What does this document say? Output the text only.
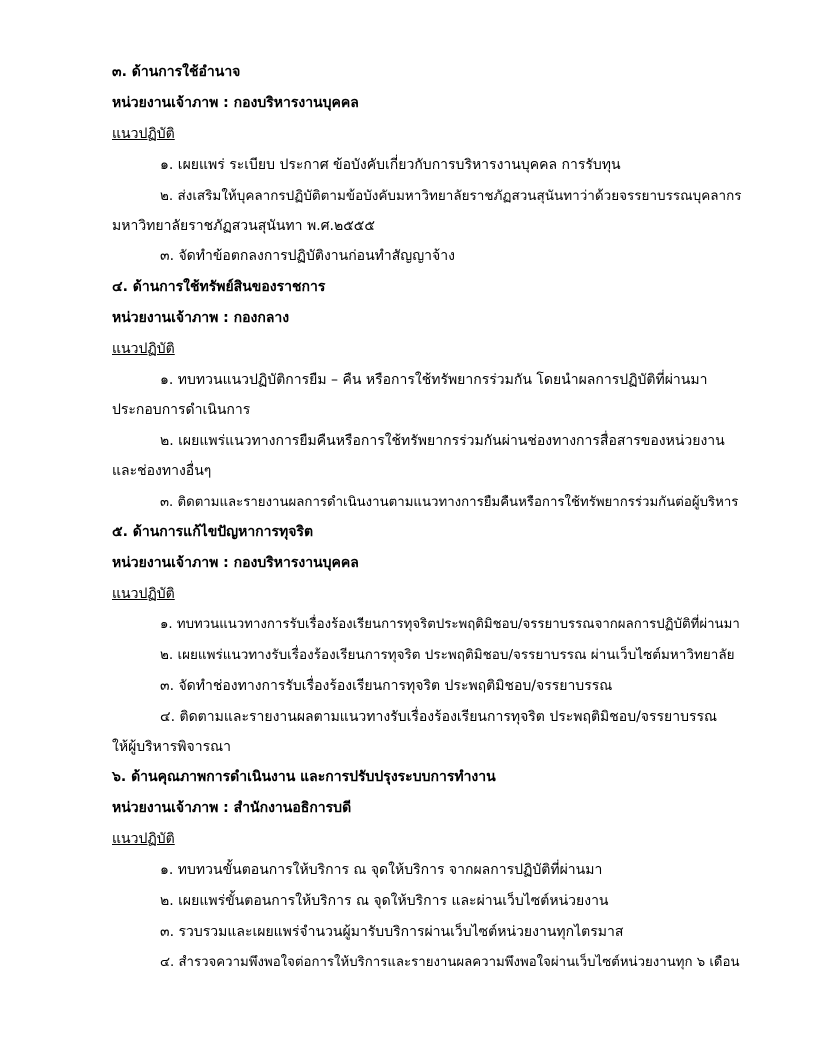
๓. ด้านการใช้อำนาจ
หน่วยงานเจ้าภาพ : กองบริหารงานบุคคล
แนวปฏิบัติ
๑. เผยแพร่ ระเบียบ ประกาศ ข้อบังคับเกี่ยวกับการบริหารงานบุคคล การรับทุน
๒. ส่งเสริมให้บุคลากรปฏิบัติตามข้อบังคับมหาวิทยาลัยราชภัฏสวนสุนันทาว่าด้วยจรรยาบรรณบุคลากร
มหาวิทยาลัยราชภัฏสวนสุนันทา พ.ศ.๒๕๕๕
๓. จัดทำข้อตกลงการปฏิบัติงานก่อนทำสัญญาจ้าง
๔. ด้านการใช้ทรัพย์สินของราชการ
หน่วยงานเจ้าภาพ : กองกลาง
แนวปฏิบัติ
๑. ทบทวนแนวปฏิบัติการยืม – คืน หรือการใช้ทรัพยากรร่วมกัน โดยนำผลการปฏิบัติที่ผ่านมา
ประกอบการดำเนินการ
๒. เผยแพร่แนวทางการยืมคืนหรือการใช้ทรัพยากรร่วมกันผ่านช่องทางการสื่อสารของหน่วยงาน
และช่องทางอื่นๆ
๓. ติดตามและรายงานผลการดำเนินงานตามแนวทางการยืมคืนหรือการใช้ทรัพยากรร่วมกันต่อผู้บริหาร
๕. ด้านการแก้ไขปัญหาการทุจริต
หน่วยงานเจ้าภาพ : กองบริหารงานบุคคล
แนวปฏิบัติ
๑. ทบทวนแนวทางการรับเรื่องร้องเรียนการทุจริตประพฤติมิชอบ/จรรยาบรรณจากผลการปฏิบัติที่ผ่านมา
๒. เผยแพร่แนวทางรับเรื่องร้องเรียนการทุจริต ประพฤติมิชอบ/จรรยาบรรณ ผ่านเว็บไซต์มหาวิทยาลัย
๓. จัดทำช่องทางการรับเรื่องร้องเรียนการทุจริต ประพฤติมิชอบ/จรรยาบรรณ
๔. ติดตามและรายงานผลตามแนวทางรับเรื่องร้องเรียนการทุจริต ประพฤติมิชอบ/จรรยาบรรณ
ให้ผู้บริหารพิจารณา
๖. ด้านคุณภาพการดำเนินงาน และการปรับปรุงระบบการทำงาน
หน่วยงานเจ้าภาพ : สำนักงานอธิการบดี
แนวปฏิบัติ
๑. ทบทวนขั้นตอนการให้บริการ ณ จุดให้บริการ จากผลการปฏิบัติที่ผ่านมา
๒. เผยแพร่ขั้นตอนการให้บริการ ณ จุดให้บริการ และผ่านเว็บไซต์หน่วยงาน
๓. รวบรวมและเผยแพร่จำนวนผู้มารับบริการผ่านเว็บไซต์หน่วยงานทุกไตรมาส
๔. สำรวจความพึงพอใจต่อการให้บริการและรายงานผลความพึงพอใจผ่านเว็บไซต์หน่วยงานทุก ๖ เดือน
